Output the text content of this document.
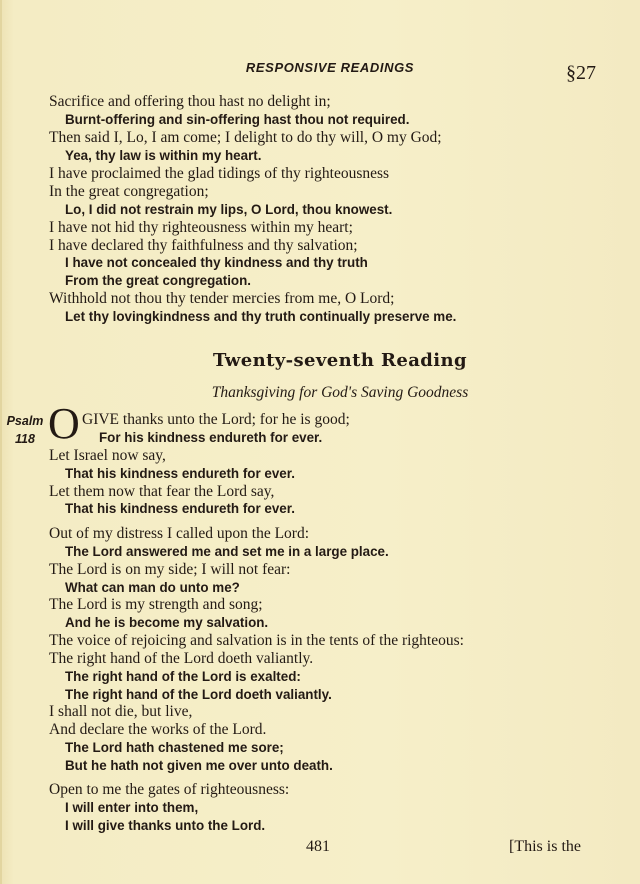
RESPONSIVE READINGS	§27
Sacrifice and offering thou hast no delight in;
Burnt-offering and sin-offering hast thou not required.
Then said I, Lo, I am come; I delight to do thy will, O my God;
Yea, thy law is within my heart.
I have proclaimed the glad tidings of thy righteousness
In the great congregation;
Lo, I did not restrain my lips, O Lord, thou knowest.
I have not hid thy righteousness within my heart;
I have declared thy faithfulness and thy salvation;
I have not concealed thy kindness and thy truth
From the great congregation.
Withhold not thou thy tender mercies from me, O Lord;
Let thy lovingkindness and thy truth continually preserve me.
Twenty-seventh Reading
Thanksgiving for God's Saving Goodness
Psalm
118 O GIVE thanks unto the Lord; for he is good;
For his kindness endureth for ever.
Let Israel now say,
That his kindness endureth for ever.
Let them now that fear the Lord say,
That his kindness endureth for ever.
Out of my distress I called upon the Lord:
The Lord answered me and set me in a large place.
The Lord is on my side; I will not fear:
What can man do unto me?
The Lord is my strength and song;
And he is become my salvation.
The voice of rejoicing and salvation is in the tents of the righteous:
The right hand of the Lord doeth valiantly.
The right hand of the Lord is exalted:
The right hand of the Lord doeth valiantly.
I shall not die, but live,
And declare the works of the Lord.
The Lord hath chastened me sore;
But he hath not given me over unto death.
Open to me the gates of righteousness:
I will enter into them,
I will give thanks unto the Lord.
481	[This is the
